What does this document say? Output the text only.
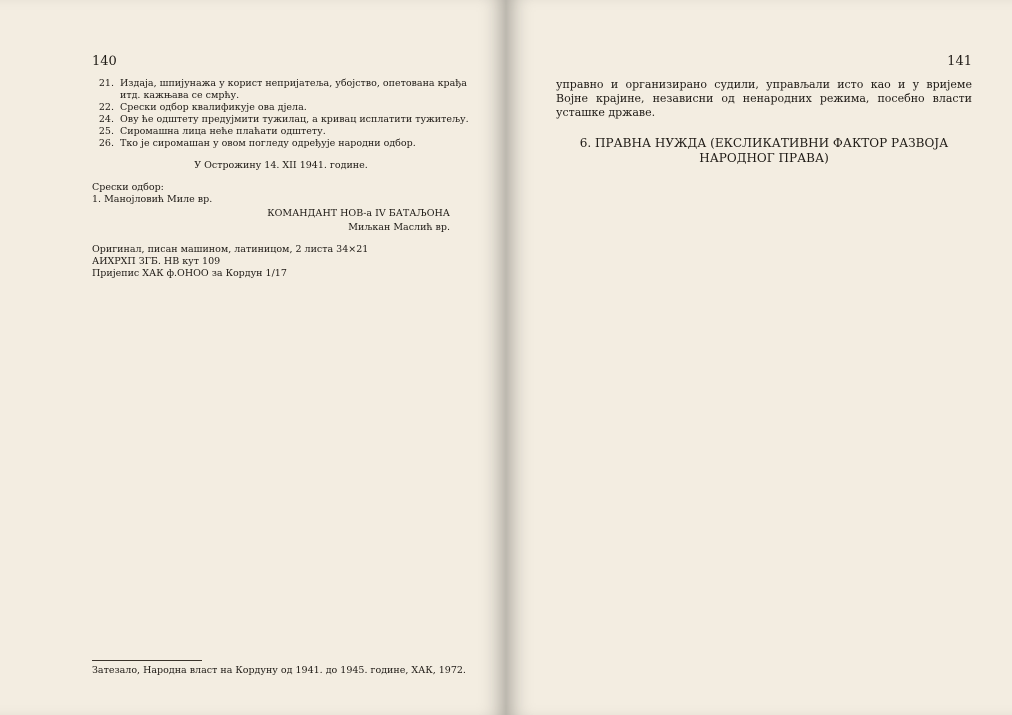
140
21. Издаја, шпијунажа у корист непријатеља, убојство, опетована крађа итд. кажњава се смрћу.
22. Срески одбор квалификује ова дјела.
24. Ову ће одштету предујмити тужилац, а кривац исплатити тужитељу.
25. Сиромашна лица неће плаћати одштету.
26. Тко је сиромашан у овом погледу одређује народни одбор.

У Острожину 14. XII 1941. године.

Срески одбор:

1. Манојловић Миле вр.

КОМАНДАНТ НОВ-а IV БАТАЉОНА

Миљкан Маслић вр.

Оригинал, писан машином, латиницом, 2 листа 34×21

АИХРХП ЗГБ. НВ кут 109

Пријепис ХАК ф.ОНОО за Кордун 1/17

Затезало, Народна власт на Кордуну од 1941. до 1945. године, ХАК, 1972.

141

управно и организирано судили, управљали исто као и у вријеме Војне крајине, независни од ненародних режима, посебно власти усташке државе.

6. ПРАВНА НУЖДА (ЕКСЛИКАТИВНИ ФАКТОР РАЗВОЈА НАРОДНОГ ПРАВА)
